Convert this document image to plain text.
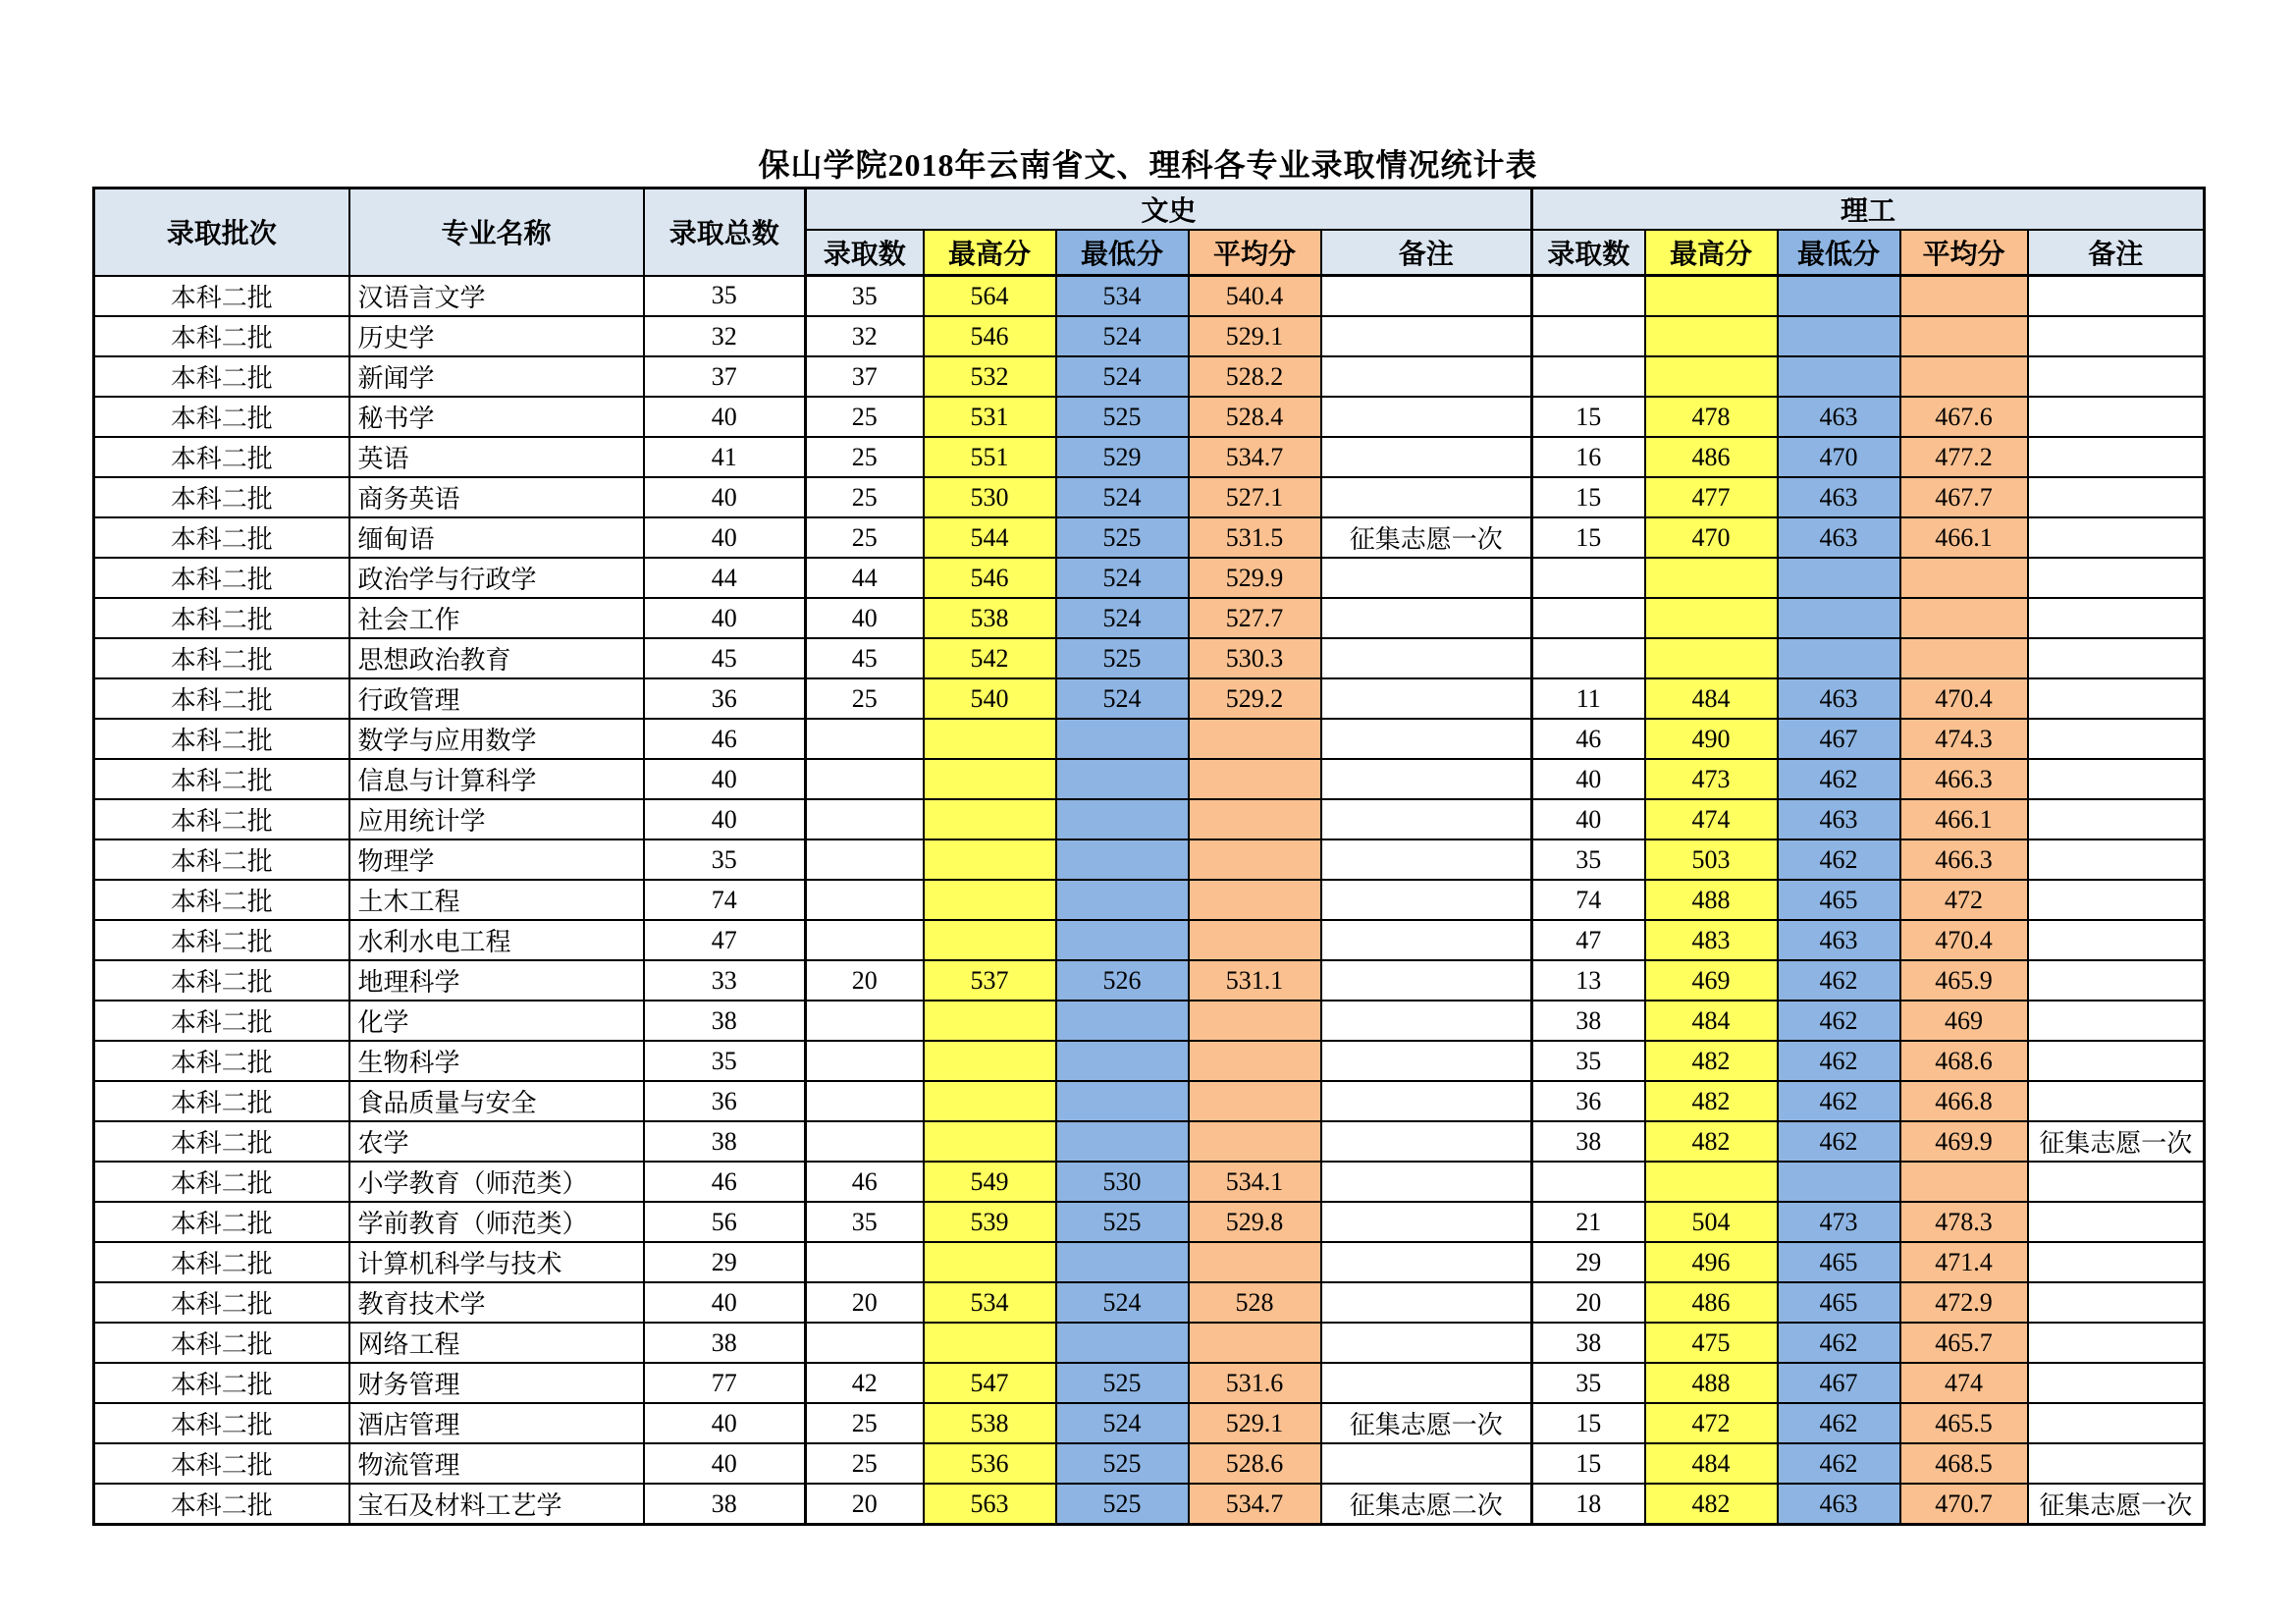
保山学院2018年云南省文、理科各专业录取情况统计表
录取批次	专业名称	录取总数	文史					理工				
			录取数	最高分	最低分	平均分	备注	录取数	最高分	最低分	平均分	备注
本科二批	汉语言文学	35	35	564	534	540.4						
本科二批	历史学	32	32	546	524	529.1						
本科二批	新闻学	37	37	532	524	528.2						
本科二批	秘书学	40	25	531	525	528.4		15	478	463	467.6	
本科二批	英语	41	25	551	529	534.7		16	486	470	477.2	
本科二批	商务英语	40	25	530	524	527.1		15	477	463	467.7	
本科二批	缅甸语	40	25	544	525	531.5	征集志愿一次	15	470	463	466.1	
本科二批	政治学与行政学	44	44	546	524	529.9						
本科二批	社会工作	40	40	538	524	527.7						
本科二批	思想政治教育	45	45	542	525	530.3						
本科二批	行政管理	36	25	540	524	529.2		11	484	463	470.4	
本科二批	数学与应用数学	46						46	490	467	474.3	
本科二批	信息与计算科学	40						40	473	462	466.3	
本科二批	应用统计学	40						40	474	463	466.1	
本科二批	物理学	35						35	503	462	466.3	
本科二批	土木工程	74						74	488	465	472	
本科二批	水利水电工程	47						47	483	463	470.4	
本科二批	地理科学	33	20	537	526	531.1		13	469	462	465.9	
本科二批	化学	38						38	484	462	469	
本科二批	生物科学	35						35	482	462	468.6	
本科二批	食品质量与安全	36						36	482	462	466.8	
本科二批	农学	38						38	482	462	469.9	征集志愿一次
本科二批	小学教育（师范类）	46	46	549	530	534.1						
本科二批	学前教育（师范类）	56	35	539	525	529.8		21	504	473	478.3	
本科二批	计算机科学与技术	29						29	496	465	471.4	
本科二批	教育技术学	40	20	534	524	528		20	486	465	472.9	
本科二批	网络工程	38						38	475	462	465.7	
本科二批	财务管理	77	42	547	525	531.6		35	488	467	474	
本科二批	酒店管理	40	25	538	524	529.1	征集志愿一次	15	472	462	465.5	
本科二批	物流管理	40	25	536	525	528.6		15	484	462	468.5	
本科二批	宝石及材料工艺学	38	20	563	525	534.7	征集志愿二次	18	482	463	470.7	征集志愿一次
